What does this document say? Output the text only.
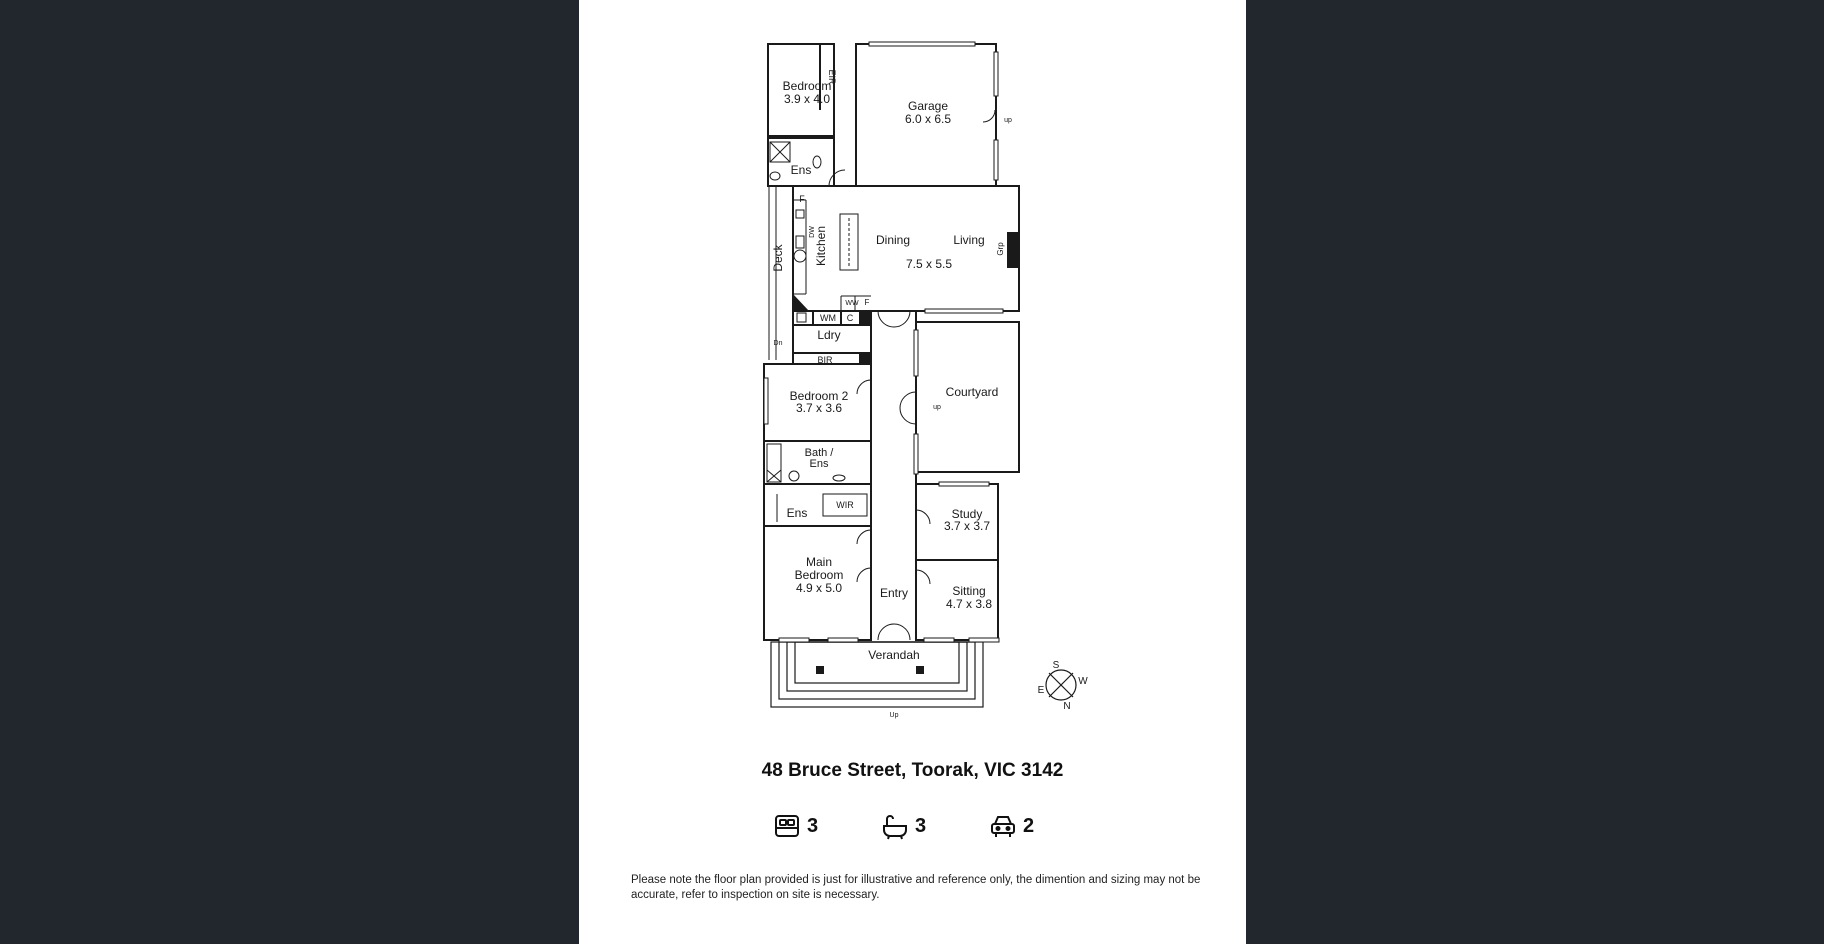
Bedroom
3.9 x 4.0
EIR
Garage
6.0 x 6.5	up
Ens
F
Kitchen
DW
Dining	Living
7.5 x 5.5
Grp
Deck
WW F
WM C
Ldry
Dn
BIR
Bedroom 2
3.7 x 3.6
Courtyard
up
Bath /
Ens
Ens
WIR
Study
3.7 x 3.7
Main
Bedroom
4.9 x 5.0	Entry	Sitting
4.7 x 3.8
Verandah
Up
S
W
E
N
48 Bruce Street, Toorak, VIC 3142
3	3	2
Please note the floor plan provided is just for illustrative and reference only, the dimention and sizing may not be accurate, refer to inspection on site is necessary.
